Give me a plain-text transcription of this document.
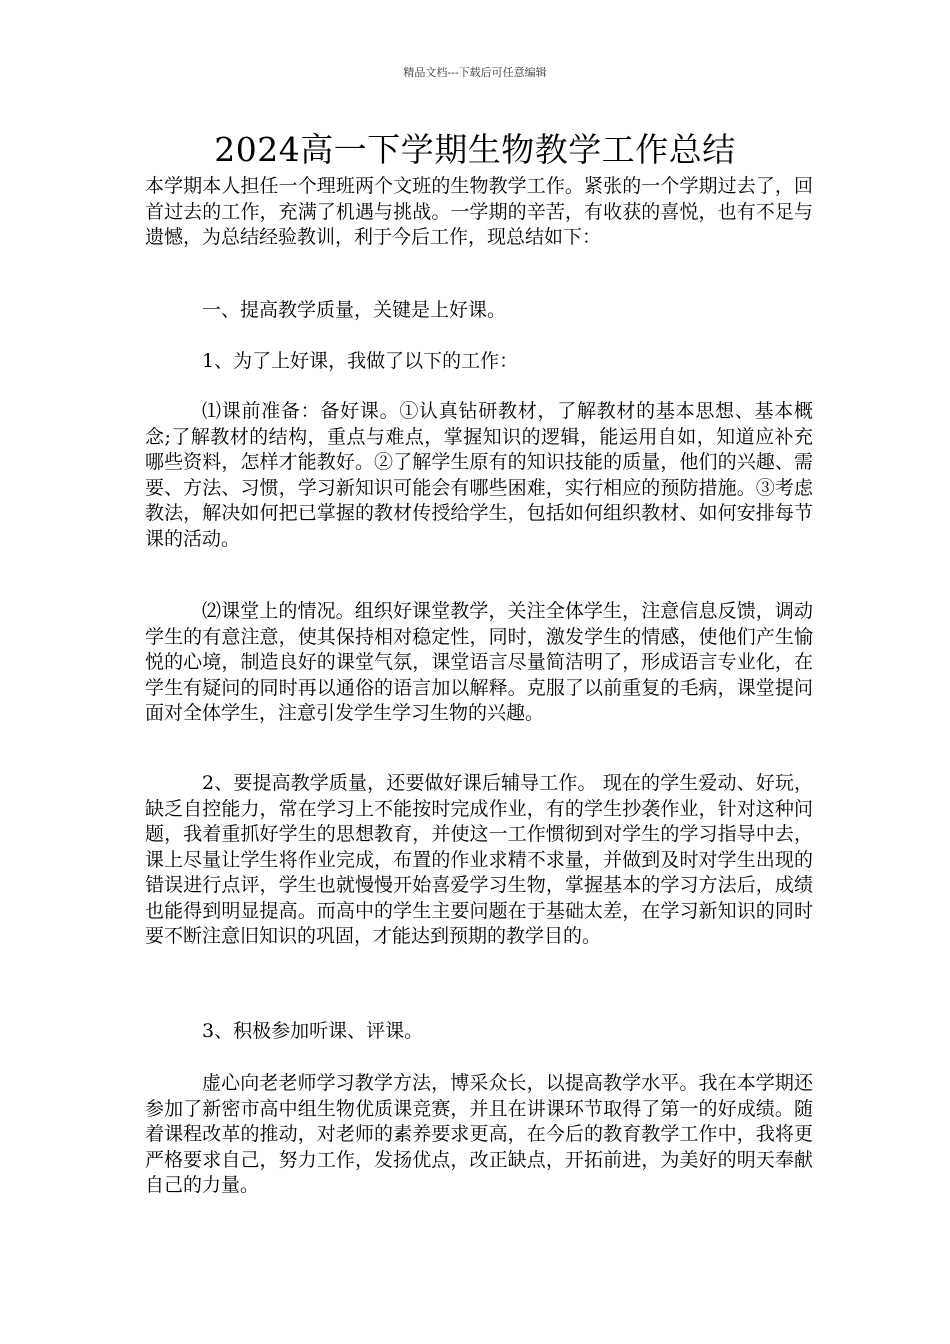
精品文档---下载后可任意编辑
2024高一下学期生物教学工作总结

本学期本人担任一个理班两个文班的生物教学工作。紧张的一个学期过去了，回首过去的工作，充满了机遇与挑战。一学期的辛苦，有收获的喜悦，也有不足与遗憾，为总结经验教训，利于今后工作，现总结如下：

一、提高教学质量，关键是上好课。

1、为了上好课，我做了以下的工作：

⑴课前准备：备好课。①认真钻研教材，了解教材的基本思想、基本概念;了解教材的结构，重点与难点，掌握知识的逻辑，能运用自如，知道应补充哪些资料，怎样才能教好。②了解学生原有的知识技能的质量，他们的兴趣、需要、方法、习惯，学习新知识可能会有哪些困难，实行相应的预防措施。③考虑教法，解决如何把已掌握的教材传授给学生，包括如何组织教材、如何安排每节课的活动。

⑵课堂上的情况。组织好课堂教学，关注全体学生，注意信息反馈，调动学生的有意注意，使其保持相对稳定性，同时，激发学生的情感，使他们产生愉悦的心境，制造良好的课堂气氛，课堂语言尽量简洁明了，形成语言专业化，在学生有疑问的同时再以通俗的语言加以解释。克服了以前重复的毛病，课堂提问面对全体学生，注意引发学生学习生物的兴趣。

2、要提高教学质量，还要做好课后辅导工作。 现在的学生爱动、好玩，缺乏自控能力，常在学习上不能按时完成作业，有的学生抄袭作业，针对这种问题，我着重抓好学生的思想教育，并使这一工作惯彻到对学生的学习指导中去，课上尽量让学生将作业完成，布置的作业求精不求量，并做到及时对学生出现的错误进行点评，学生也就慢慢开始喜爱学习生物，掌握基本的学习方法后，成绩也能得到明显提高。而高中的学生主要问题在于基础太差，在学习新知识的同时要不断注意旧知识的巩固，才能达到预期的教学目的。

3、积极参加听课、评课。

虚心向老老师学习教学方法，博采众长，以提高教学水平。我在本学期还参加了新密市高中组生物优质课竞赛，并且在讲课环节取得了第一的好成绩。随着课程改革的推动，对老师的素养要求更高，在今后的教育教学工作中，我将更严格要求自己，努力工作，发扬优点，改正缺点，开拓前进，为美好的明天奉献自己的力量。
